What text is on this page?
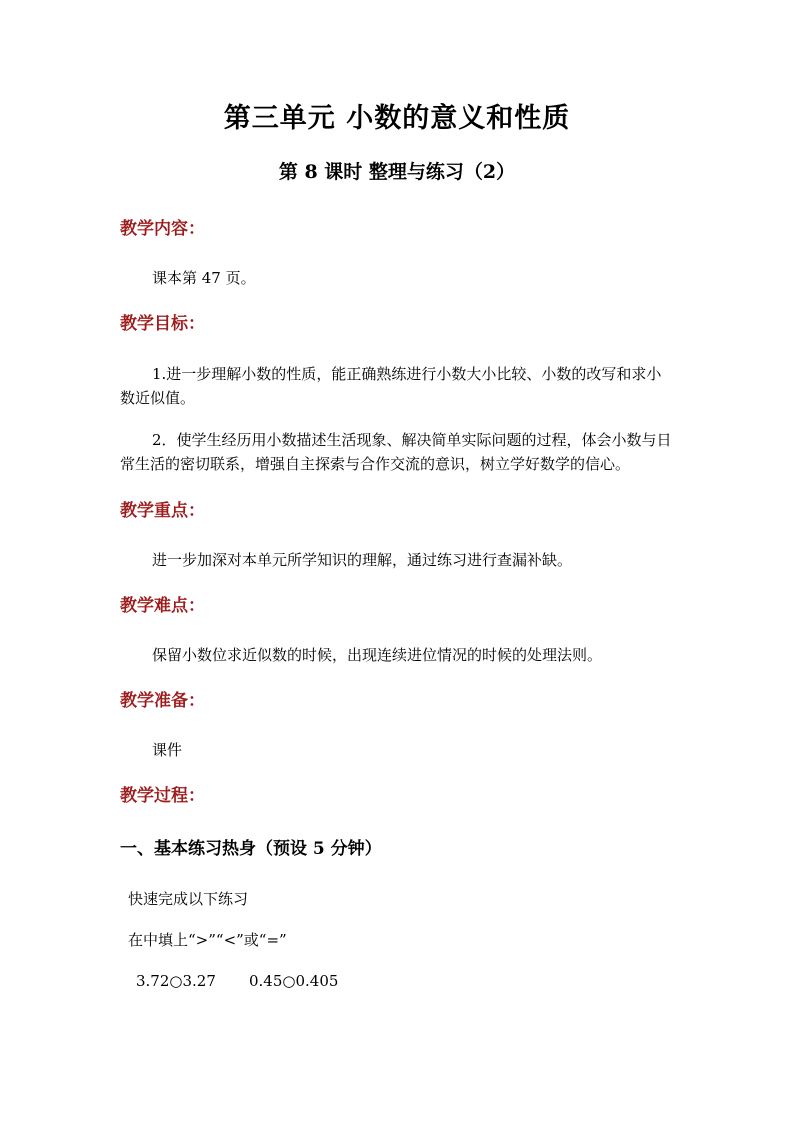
第三单元 小数的意义和性质
第 8 课时 整理与练习（2）
教学内容：
课本第 47 页。
教学目标：
1.进一步理解小数的性质，能正确熟练进行小数大小比较、小数的改写和求小数近似值。
2．使学生经历用小数描述生活现象、解决简单实际问题的过程，体会小数与日常生活的密切联系，增强自主探索与合作交流的意识，树立学好数学的信心。
教学重点：
进一步加深对本单元所学知识的理解，通过练习进行查漏补缺。
教学难点：
保留小数位求近似数的时候，出现连续进位情况的时候的处理法则。
教学准备：
课件
教学过程：
一、基本练习热身（预设 5 分钟）
快速完成以下练习
在中填上“>”“<”或“=”
3.72○3.27 0.45○0.405
